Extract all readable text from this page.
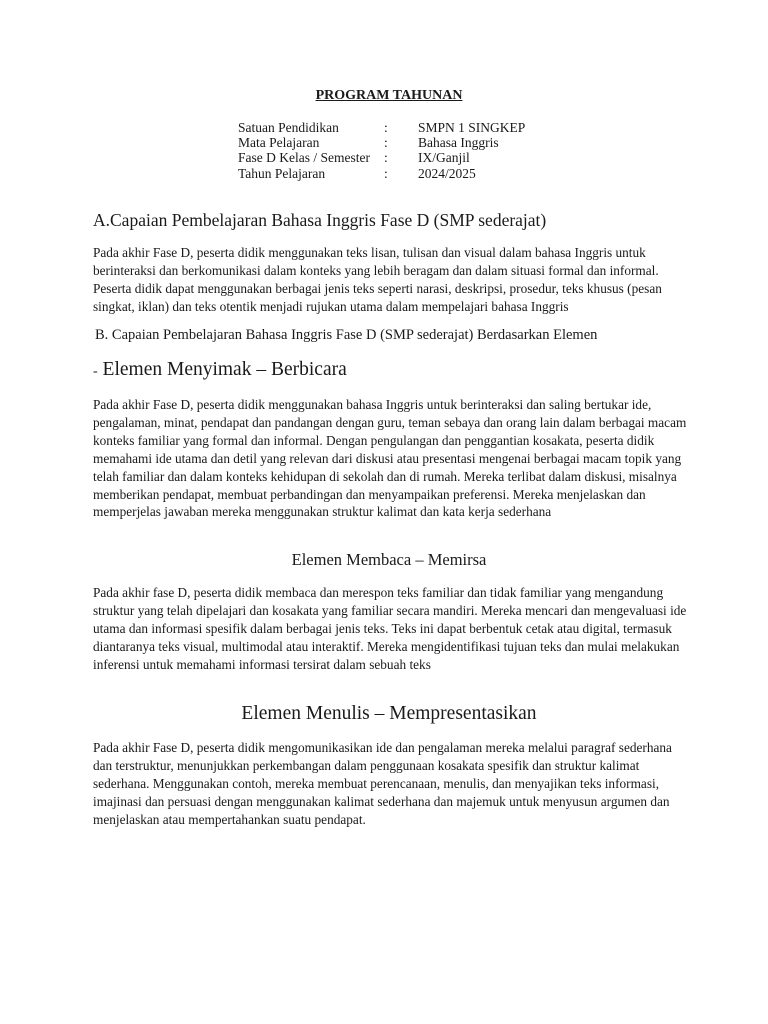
PROGRAM TAHUNAN
Satuan Pendidikan	:	SMPN 1 SINGKEP
Mata Pelajaran	:	Bahasa Inggris
Fase D Kelas / Semester	:	IX/Ganjil
Tahun Pelajaran	:	2024/2025
A.Capaian Pembelajaran Bahasa Inggris Fase D (SMP sederajat)
Pada akhir Fase D, peserta didik menggunakan teks lisan, tulisan dan visual dalam bahasa Inggris untuk berinteraksi dan berkomunikasi dalam konteks yang lebih beragam dan dalam situasi formal dan informal. Peserta didik dapat menggunakan berbagai jenis teks seperti narasi, deskripsi, prosedur, teks khusus (pesan singkat, iklan) dan teks otentik menjadi rujukan utama dalam mempelajari bahasa Inggris
B. Capaian Pembelajaran Bahasa Inggris Fase D (SMP sederajat) Berdasarkan Elemen
- Elemen Menyimak – Berbicara
Pada akhir Fase D, peserta didik menggunakan bahasa Inggris untuk berinteraksi dan saling bertukar ide, pengalaman, minat, pendapat dan pandangan dengan guru, teman sebaya dan orang lain dalam berbagai macam konteks familiar yang formal dan informal. Dengan pengulangan dan penggantian kosakata, peserta didik memahami ide utama dan detil yang relevan dari diskusi atau presentasi mengenai berbagai macam topik yang telah familiar dan dalam konteks kehidupan di sekolah dan di rumah. Mereka terlibat dalam diskusi, misalnya memberikan pendapat, membuat perbandingan dan menyampaikan preferensi. Mereka menjelaskan dan memperjelas jawaban mereka menggunakan struktur kalimat dan kata kerja sederhana
Elemen Membaca – Memirsa
Pada akhir fase D, peserta didik membaca dan merespon teks familiar dan tidak familiar yang mengandung struktur yang telah dipelajari dan kosakata yang familiar secara mandiri. Mereka mencari dan mengevaluasi ide utama dan informasi spesifik dalam berbagai jenis teks. Teks ini dapat berbentuk cetak atau digital, termasuk diantaranya teks visual, multimodal atau interaktif. Mereka mengidentifikasi tujuan teks dan mulai melakukan inferensi untuk memahami informasi tersirat dalam sebuah teks
Elemen Menulis – Mempresentasikan
Pada akhir Fase D, peserta didik mengomunikasikan ide dan pengalaman mereka melalui paragraf sederhana dan terstruktur, menunjukkan perkembangan dalam penggunaan kosakata spesifik dan struktur kalimat sederhana. Menggunakan contoh, mereka membuat perencanaan, menulis, dan menyajikan teks informasi, imajinasi dan persuasi dengan menggunakan kalimat sederhana dan majemuk untuk menyusun argumen dan menjelaskan atau mempertahankan suatu pendapat.
